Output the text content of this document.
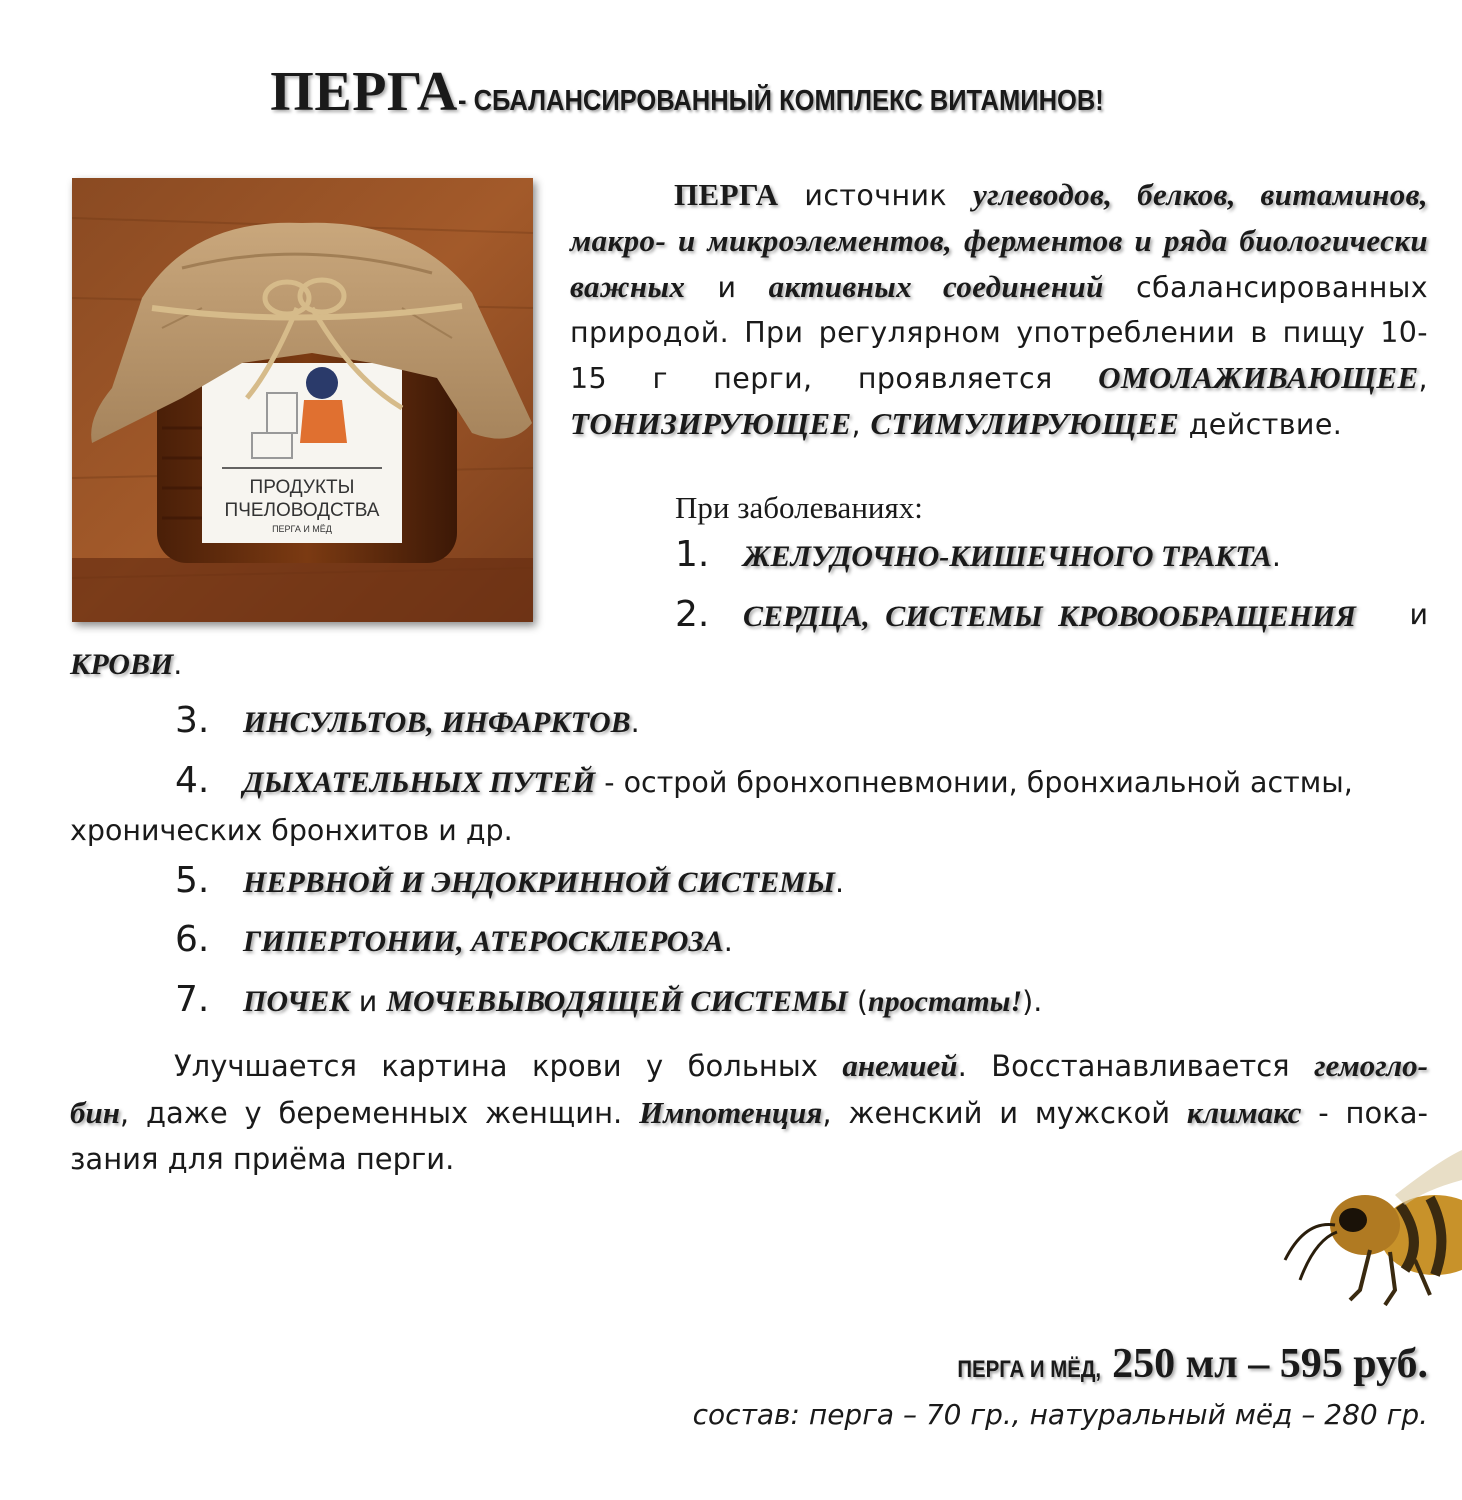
ПЕРГА- СБАЛАНСИРОВАННЫЙ КОМПЛЕКС ВИТАМИНОВ!
ПРОДУКТЫ
ПЧЕЛОВОДСТВА
ПЕРГА И МЁД
ПЕРГА источник углеводов, белков, витаминов, макро- и микроэлементов, ферментов и ряда биологически важных и активных соединений сбалансированных природой. При регулярном употреблении в пищу 10-15 г перги, проявляется ОМОЛАЖИВАЮЩЕЕ, ТОНИЗИРУЮЩЕЕ, СТИМУЛИРУЮЩЕЕ действие.
При заболеваниях:
1. ЖЕЛУДОЧНО-КИШЕЧНОГО ТРАКТА.
2. СЕРДЦА, СИСТЕМЫ КРОВООБРАЩЕНИЯ и
КРОВИ.
3. ИНСУЛЬТОВ, ИНФАРКТОВ.
4. ДЫХАТЕЛЬНЫХ ПУТЕЙ - острой бронхопневмонии, бронхиальной астмы,
хронических бронхитов и др.
5. НЕРВНОЙ И ЭНДОКРИННОЙ СИСТЕМЫ.
6. ГИПЕРТОНИИ, АТЕРОСКЛЕРОЗА.
7. ПОЧЕК и МОЧЕВЫВОДЯЩЕЙ СИСТЕМЫ (простаты!).
Улучшается картина крови у больных анемией. Восстанавливается гемогло-
бин, даже у беременных женщин. Импотенция, женский и мужской климакс - пока-
зания для приёма перги.
ПЕРГА И МЁД, 250 мл – 595 руб.
состав: перга – 70 гр., натуральный мёд – 280 гр.
